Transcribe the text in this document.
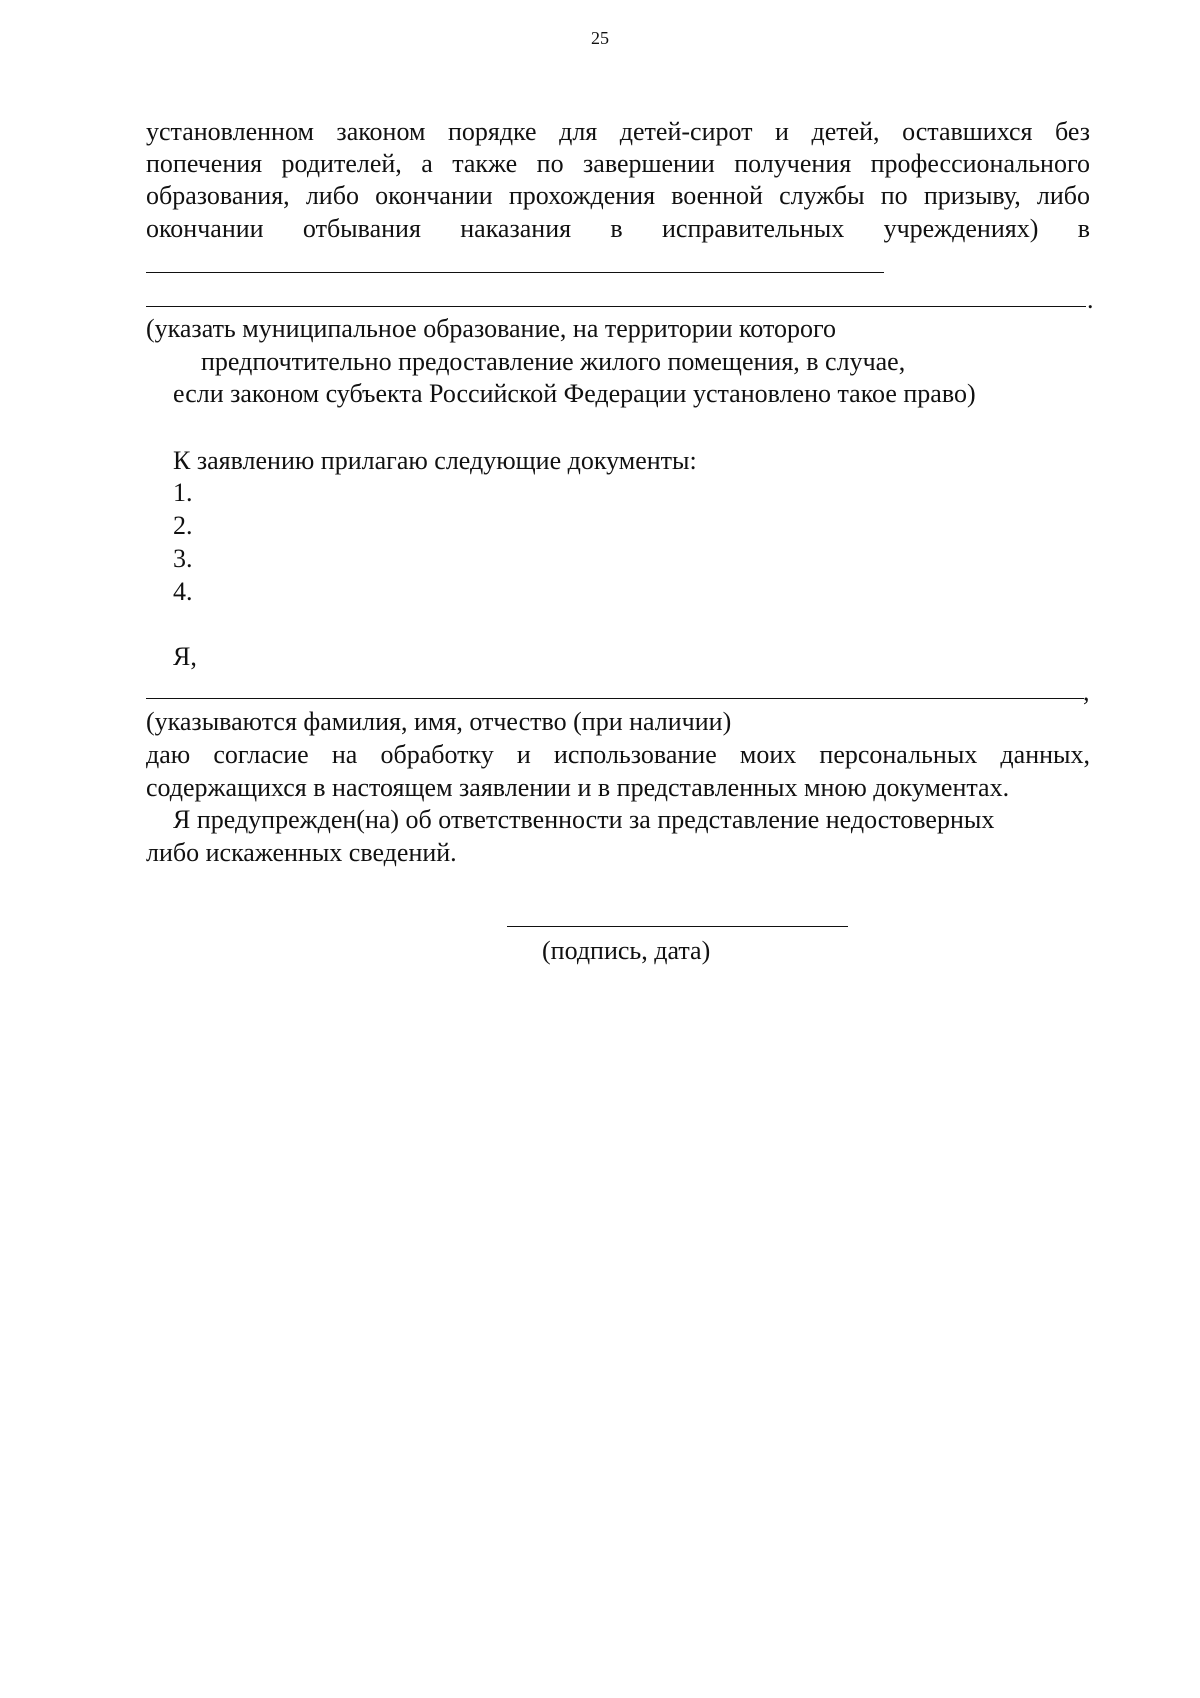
25
установленном законом порядке для детей-сирот и детей, оставшихся без
попечения родителей, а также по завершении получения профессионального
образования, либо окончании прохождения военной службы по призыву, либо
окончании отбывания наказания в исправительных учреждениях) в
.
(указать муниципальное образование, на территории которого
предпочтительно предоставление жилого помещения, в случае,
если законом субъекта Российской Федерации установлено такое право)
К заявлению прилагаю следующие документы:
1.
2.
3.
4.
Я,
,
(указываются фамилия, имя, отчество (при наличии)
даю согласие на обработку и использование моих персональных данных,
содержащихся в настоящем заявлении и в представленных мною документах.
Я предупрежден(на) об ответственности за представление недостоверных
либо искаженных сведений.
(подпись, дата)
